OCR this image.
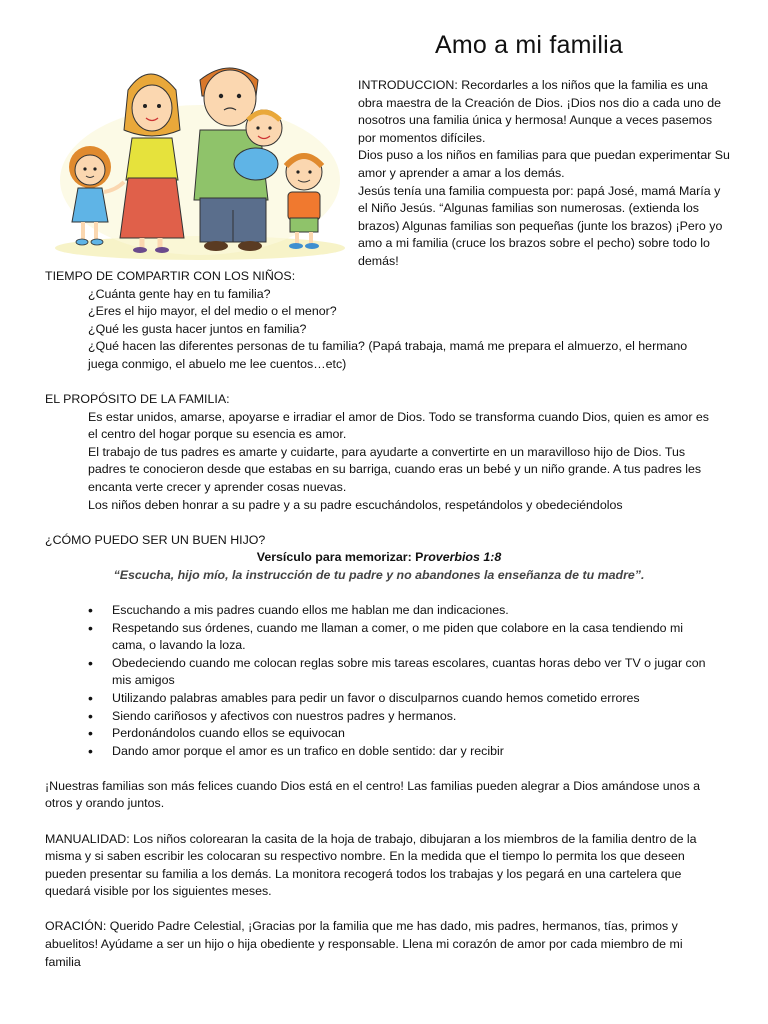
Amo a mi familia

INTRODUCCION: Recordarles a los niños que la familia es una obra maestra de la Creación de Dios. ¡Dios nos dio a cada uno de nosotros una familia única y hermosa! Aunque a veces pasemos por momentos difíciles.

Dios puso a los niños en familias para que puedan experimentar Su amor y aprender a amar a los demás.

Jesús tenía una familia compuesta por: papá José, mamá María y el Niño Jesús. “Algunas familias son numerosas. (extienda los brazos) Algunas familias son pequeñas (junte los brazos) ¡Pero yo amo a mi familia (cruce los brazos sobre el pecho) sobre todo lo demás!

TIEMPO DE COMPARTIR CON LOS NIÑOS:

¿Cuánta gente hay en tu familia?

¿Eres el hijo mayor, el del medio o el menor?

¿Qué les gusta hacer juntos en familia?

¿Qué hacen las diferentes personas de tu familia? (Papá trabaja, mamá me prepara el almuerzo, el hermano juega conmigo, el abuelo me lee cuentos…etc)

EL PROPÓSITO DE LA FAMILIA:

Es estar unidos, amarse, apoyarse e irradiar el amor de Dios. Todo se transforma cuando Dios, quien es amor es el centro del hogar porque su esencia es amor.

El trabajo de tus padres es amarte y cuidarte, para ayudarte a convertirte en un maravilloso hijo de Dios. Tus padres te conocieron desde que estabas en su barriga, cuando eras un bebé y un niño grande. A tus padres les encanta verte crecer y aprender cosas nuevas.

Los niños deben honrar a su padre y a su padre escuchándolos, respetándolos y obedeciéndolos

¿CÓMO PUEDO SER UN BUEN HIJO?

Versículo para memorizar: Proverbios 1:8

“Escucha, hijo mío, la instrucción de tu padre y no abandones la enseñanza de tu madre”.

• Escuchando a mis padres cuando ellos me hablan me dan indicaciones.
• Respetando sus órdenes, cuando me llaman a comer, o me piden que colabore en la casa tendiendo mi cama, o lavando la loza.
• Obedeciendo cuando me colocan reglas sobre mis tareas escolares, cuantas horas debo ver TV o jugar con mis amigos
• Utilizando palabras amables para pedir un favor o disculparnos cuando hemos cometido errores
• Siendo cariñosos y afectivos con nuestros padres y hermanos.
• Perdonándolos cuando ellos se equivocan
• Dando amor porque el amor es un trafico en doble sentido: dar y recibir

¡Nuestras familias son más felices cuando Dios está en el centro! Las familias pueden alegrar a Dios amándose unos a otros y orando juntos.

MANUALIDAD: Los niños colorearan la casita de la hoja de trabajo, dibujaran a los miembros de la familia dentro de la misma y si saben escribir les colocaran su respectivo nombre. En la medida que el tiempo lo permita los que deseen pueden presentar su familia a los demás. La monitora recogerá todos los trabajas y los pegará en una cartelera que quedará visible por los siguientes meses.

ORACIÓN: Querido Padre Celestial, ¡Gracias por la familia que me has dado, mis padres, hermanos, tías, primos y abuelitos! Ayúdame a ser un hijo o hija obediente y responsable. Llena mi corazón de amor por cada miembro de mi familia
